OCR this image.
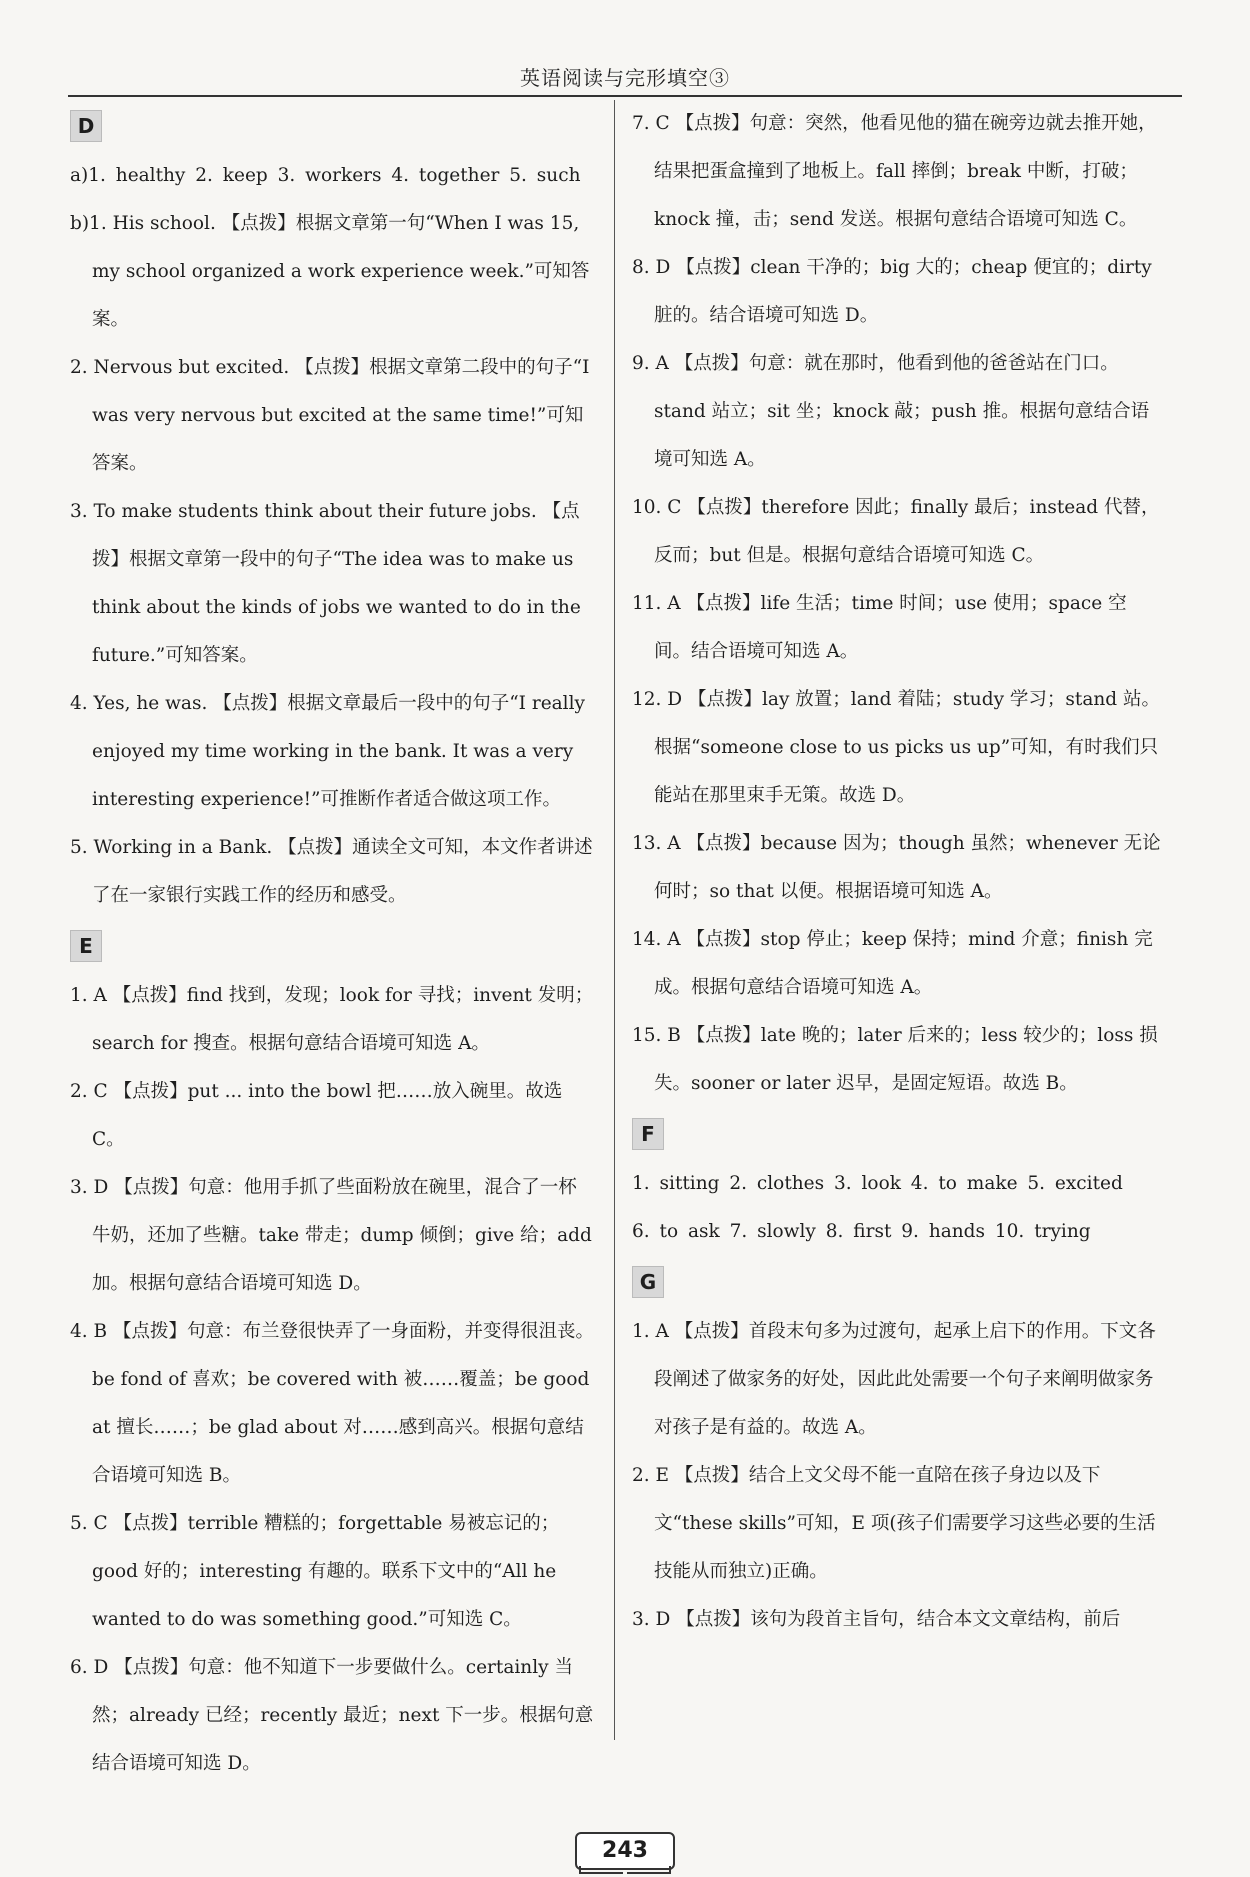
英语阅读与完形填空③
D

a)1. healthy 2. keep 3. workers 4. together 5. such

b)1. His school. 【点拨】根据文章第一句“When I was 15, my school organized a work experience week.”可知答案。

2. Nervous but excited. 【点拨】根据文章第二段中的句子“I was very nervous but excited at the same time!”可知答案。

3. To make students think about their future jobs. 【点拨】根据文章第一段中的句子“The idea was to make us think about the kinds of jobs we wanted to do in the future.”可知答案。

4. Yes, he was. 【点拨】根据文章最后一段中的句子“I really enjoyed my time working in the bank. It was a very interesting experience!”可推断作者适合做这项工作。

5. Working in a Bank. 【点拨】通读全文可知，本文作者讲述了在一家银行实践工作的经历和感受。

E

1. A 【点拨】find 找到，发现；look for 寻找；invent 发明；search for 搜查。根据句意结合语境可知选 A。

2. C 【点拨】put ... into the bowl 把……放入碗里。故选 C。

3. D 【点拨】句意：他用手抓了些面粉放在碗里，混合了一杯牛奶，还加了些糖。take 带走；dump 倾倒；give 给；add 加。根据句意结合语境可知选 D。

4. B 【点拨】句意：布兰登很快弄了一身面粉，并变得很沮丧。be fond of 喜欢；be covered with 被……覆盖；be good at 擅长……；be glad about 对……感到高兴。根据句意结合语境可知选 B。

5. C 【点拨】terrible 糟糕的；forgettable 易被忘记的；good 好的；interesting 有趣的。联系下文中的“All he wanted to do was something good.”可知选 C。

6. D 【点拨】句意：他不知道下一步要做什么。certainly 当然；already 已经；recently 最近；next 下一步。根据句意结合语境可知选 D。

7. C 【点拨】句意：突然，他看见他的猫在碗旁边就去推开她，结果把蛋盒撞到了地板上。fall 摔倒；break 中断，打破；knock 撞，击；send 发送。根据句意结合语境可知选 C。

8. D 【点拨】clean 干净的；big 大的；cheap 便宜的；dirty 脏的。结合语境可知选 D。

9. A 【点拨】句意：就在那时，他看到他的爸爸站在门口。stand 站立；sit 坐；knock 敲；push 推。根据句意结合语境可知选 A。

10. C 【点拨】therefore 因此；finally 最后；instead 代替，反而；but 但是。根据句意结合语境可知选 C。

11. A 【点拨】life 生活；time 时间；use 使用；space 空间。结合语境可知选 A。

12. D 【点拨】lay 放置；land 着陆；study 学习；stand 站。根据“someone close to us picks us up”可知，有时我们只能站在那里束手无策。故选 D。

13. A 【点拨】because 因为；though 虽然；whenever 无论何时；so that 以便。根据语境可知选 A。

14. A 【点拨】stop 停止；keep 保持；mind 介意；finish 完成。根据句意结合语境可知选 A。

15. B 【点拨】late 晚的；later 后来的；less 较少的；loss 损失。sooner or later 迟早，是固定短语。故选 B。

F

1. sitting 2. clothes 3. look 4. to make 5. excited

6. to ask 7. slowly 8. first 9. hands 10. trying

G

1. A 【点拨】首段末句多为过渡句，起承上启下的作用。下文各段阐述了做家务的好处，因此此处需要一个句子来阐明做家务对孩子是有益的。故选 A。

2. E 【点拨】结合上文父母不能一直陪在孩子身边以及下文“these skills”可知，E 项(孩子们需要学习这些必要的生活技能从而独立)正确。

3. D 【点拨】该句为段首主旨句，结合本文文章结构，前后

243
